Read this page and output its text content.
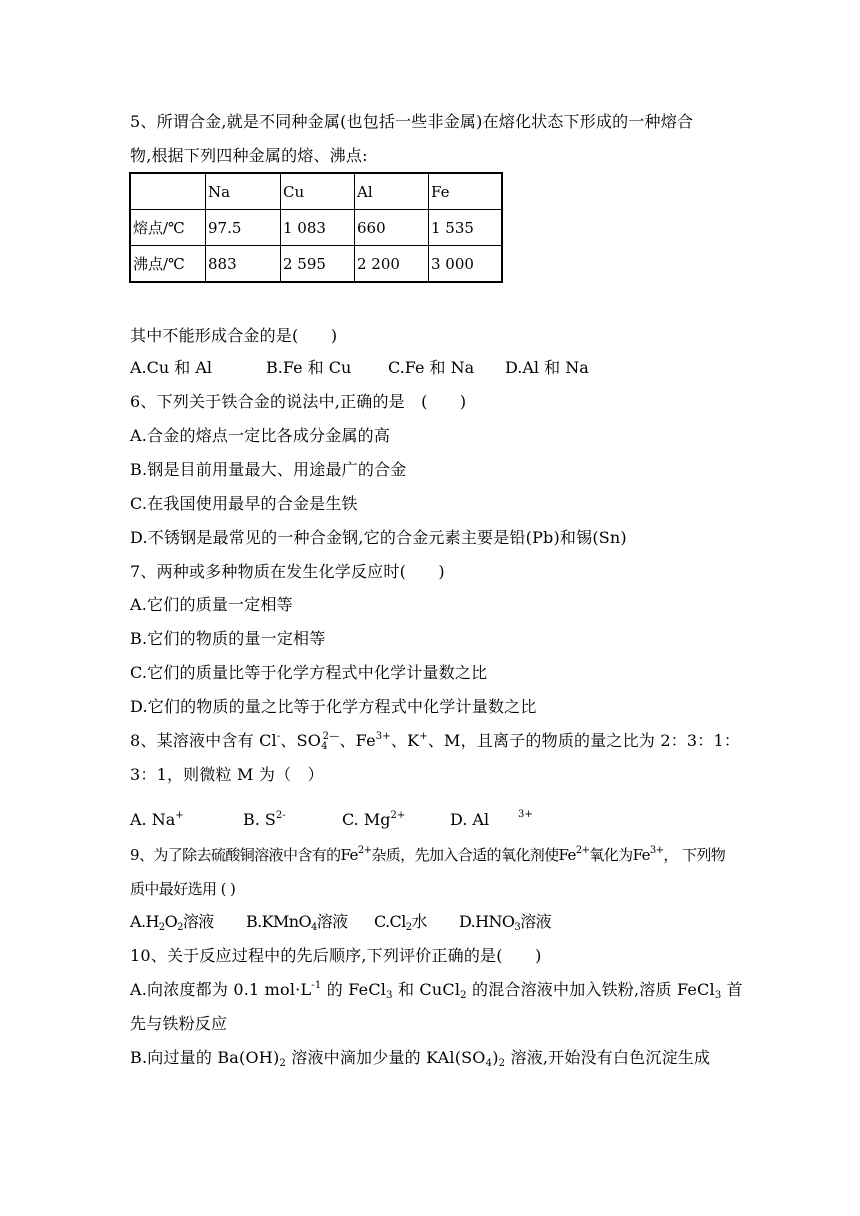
5、所谓合金,就是不同种金属(也包括一些非金属)在熔化状态下形成的一种熔合
物,根据下列四种金属的熔、沸点:
	Na	Cu	Al	Fe
熔点/℃	97.5	1 083	660	1 535
沸点/℃	883	2 595	2 200	3 000
其中不能形成合金的是(　　)
A.Cu 和 Al	B.Fe 和 Cu C.Fe 和 Na D.Al 和 Na
6、下列关于铁合金的说法中,正确的是　(　　)
A.合金的熔点一定比各成分金属的高
B.钢是目前用量最大、用途最广的合金
C.在我国使用最早的合金是生铁
D.不锈钢是最常见的一种合金钢,它的合金元素主要是铅(Pb)和锡(Sn)
7、两种或多种物质在发生化学反应时(　　)
A.它们的质量一定相等
B.它们的物质的量一定相等
C.它们的质量比等于化学方程式中化学计量数之比
D.它们的物质的量之比等于化学方程式中化学计量数之比
8、某溶液中含有 Cl-、$SO_4^{2—}$、$Fe^{3+}$、K+、M，且离子的物质的量之比为 2：3：1：
3：1，则微粒 M 为（　）
A. Na+	B. $S^{2-}$	C. $Mg^{2+}$	D. Al	3+
9、为了除去硫酸铜溶液中含有的$Fe^{2+}$杂质，先加入合适的氧化剂使$Fe^{2+}$氧化为$Fe^{3+}$， 下列物
质中最好选用 ( )
$A.H_2O_2$溶液 B.KMnO$_4$溶液 $C.Cl_2$水 $D.HNO_3$溶液
10、关于反应过程中的先后顺序,下列评价正确的是(　　)
A.向浓度都为 0.1 $mol\cdot L^{-1}$ 的 FeCl$_3$ 和 CuCl$_2$ 的混合溶液中加入铁粉,溶质 FeCl$_3$ 首
先与铁粉反应
B.向过量的 $Ba(OH)_2$ 溶液中滴加少量的 $KAl(SO_4)_2$ 溶液,开始没有白色沉淀生成
